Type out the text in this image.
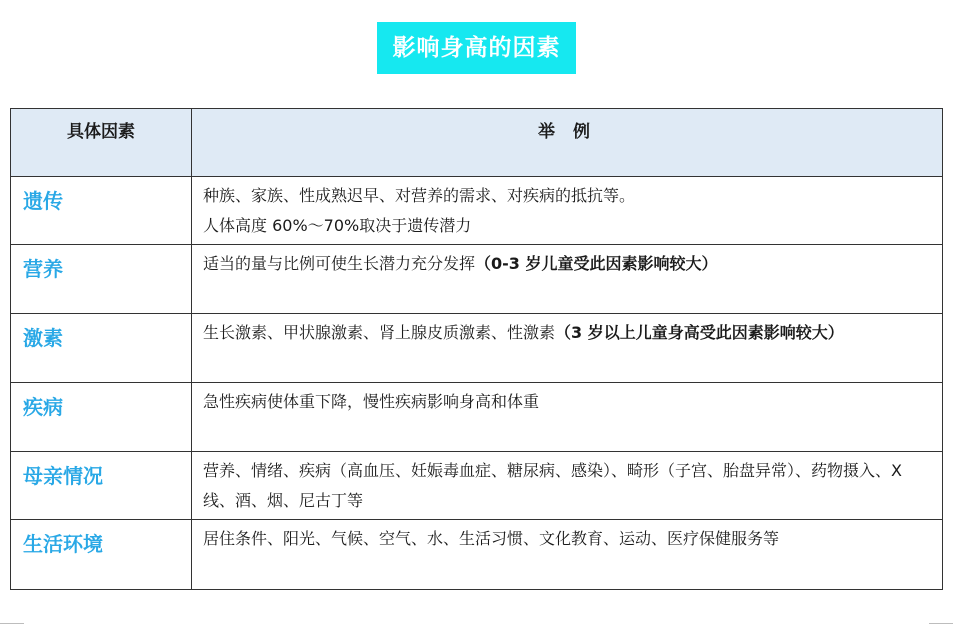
影响身高的因素
具体因素	举 例
遗传	种族、家族、性成熟迟早、对营养的需求、对疾病的抵抗等。
人体高度 60%～70%取决于遗传潜力

营养	适当的量与比例可使生长潜力充分发挥（0-3 岁儿童受此因素影响较大）
激素	生长激素、甲状腺激素、肾上腺皮质激素、性激素（3 岁以上儿童身高受此因素影响较大）
疾病	急性疾病使体重下降，慢性疾病影响身高和体重

母亲情况	营养、情绪、疾病（高血压、妊娠毒血症、糖尿病、感染）、畸形（子宫、胎盘异常）、药物摄入、X 线、酒、烟、尼古丁等

生活环境	居住条件、阳光、气候、空气、水、生活习惯、文化教育、运动、医疗保健服务等
